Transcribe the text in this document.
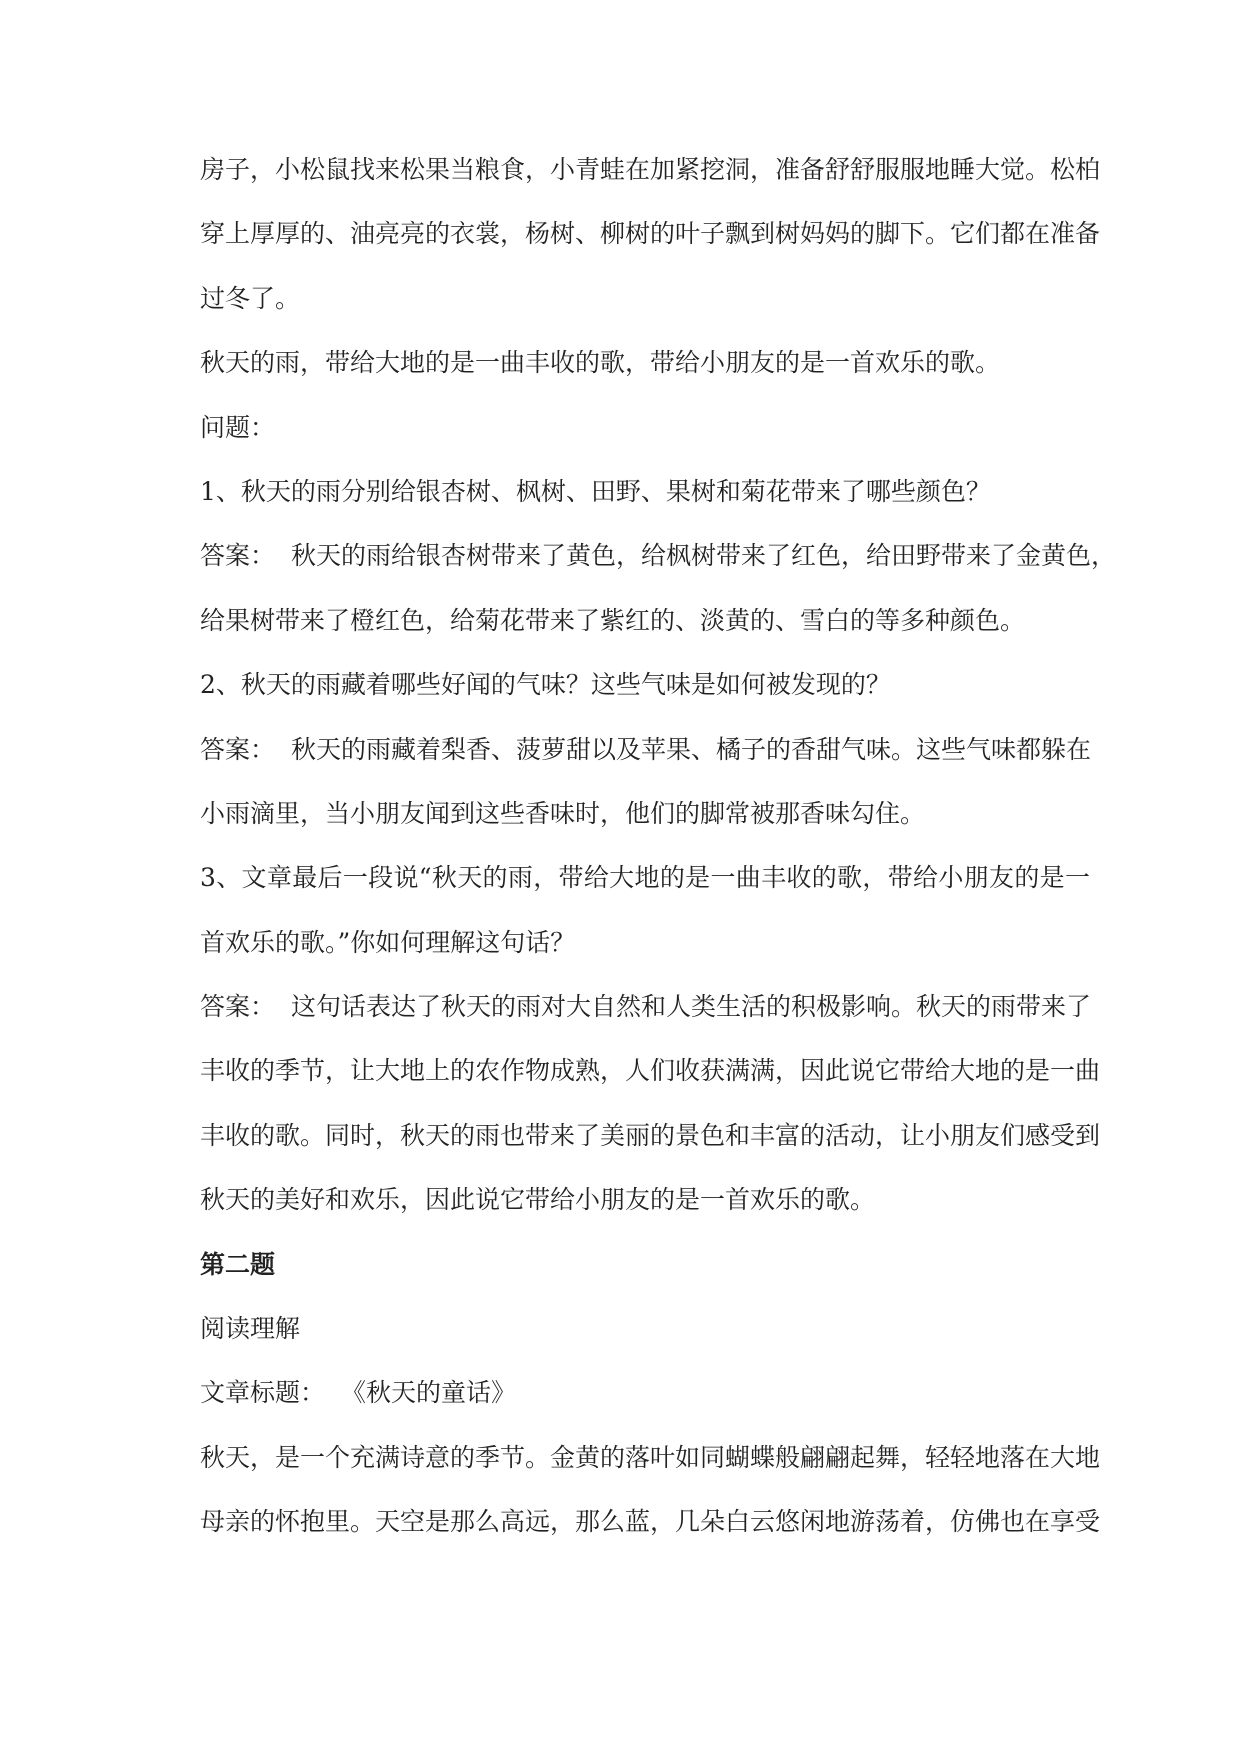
房子，小松鼠找来松果当粮食，小青蛙在加紧挖洞，准备舒舒服服地睡大觉。松柏
穿上厚厚的、油亮亮的衣裳，杨树、柳树的叶子飘到树妈妈的脚下。它们都在准备
过冬了。
秋天的雨，带给大地的是一曲丰收的歌，带给小朋友的是一首欢乐的歌。
问题：
1、秋天的雨分别给银杏树、枫树、田野、果树和菊花带来了哪些颜色？
答案： 秋天的雨给银杏树带来了黄色，给枫树带来了红色，给田野带来了金黄色，
给果树带来了橙红色，给菊花带来了紫红的、淡黄的、雪白的等多种颜色。
2、秋天的雨藏着哪些好闻的气味？这些气味是如何被发现的？
答案： 秋天的雨藏着梨香、菠萝甜以及苹果、橘子的香甜气味。这些气味都躲在
小雨滴里，当小朋友闻到这些香味时，他们的脚常被那香味勾住。
3、文章最后一段说“秋天的雨，带给大地的是一曲丰收的歌，带给小朋友的是一
首欢乐的歌。”你如何理解这句话？
答案： 这句话表达了秋天的雨对大自然和人类生活的积极影响。秋天的雨带来了
丰收的季节，让大地上的农作物成熟，人们收获满满，因此说它带给大地的是一曲
丰收的歌。同时，秋天的雨也带来了美丽的景色和丰富的活动，让小朋友们感受到
秋天的美好和欢乐，因此说它带给小朋友的是一首欢乐的歌。
第二题
阅读理解
文章标题： 《秋天的童话》
秋天，是一个充满诗意的季节。金黄的落叶如同蝴蝶般翩翩起舞，轻轻地落在大地
母亲的怀抱里。天空是那么高远，那么蓝，几朵白云悠闲地游荡着，仿佛也在享受
